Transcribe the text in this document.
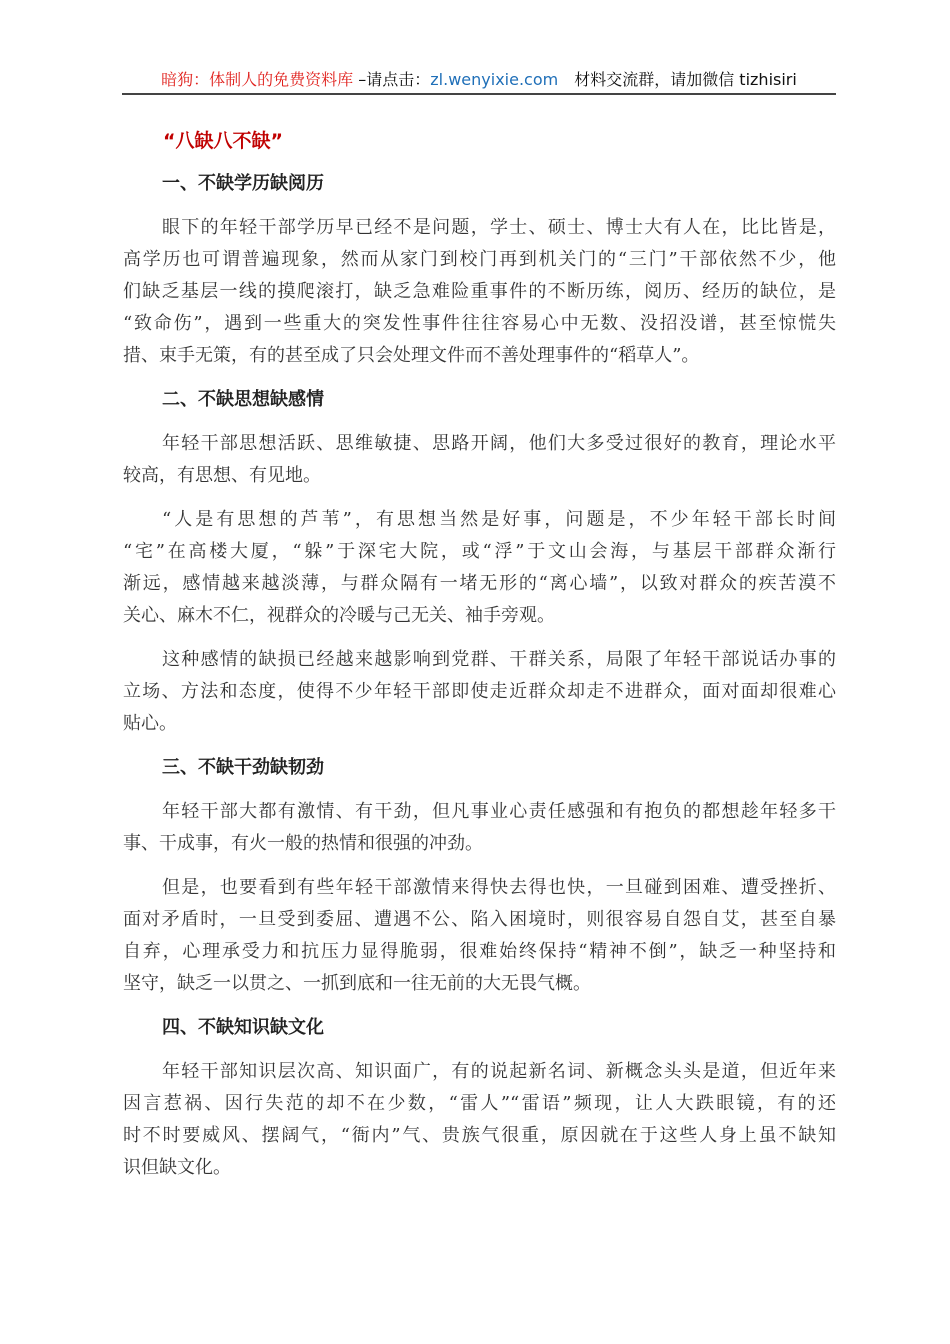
暗狗：体制人的免费资料库 –请点击：zl.wenyixie.com　材料交流群，请加微信 tizhisiri
“八缺八不缺”
一、不缺学历缺阅历
眼下的年轻干部学历早已经不是问题，学士、硕士、博士大有人在，比比皆是，
高学历也可谓普遍现象，然而从家门到校门再到机关门的“三门”干部依然不少，他
们缺乏基层一线的摸爬滚打，缺乏急难险重事件的不断历练，阅历、经历的缺位，是
“致命伤”，遇到一些重大的突发性事件往往容易心中无数、没招没谱，甚至惊慌失
措、束手无策，有的甚至成了只会处理文件而不善处理事件的“稻草人”。
二、不缺思想缺感情
年轻干部思想活跃、思维敏捷、思路开阔，他们大多受过很好的教育，理论水平
较高，有思想、有见地。
“人是有思想的芦苇”，有思想当然是好事，问题是，不少年轻干部长时间
“宅”在高楼大厦，“躲”于深宅大院，或“浮”于文山会海，与基层干部群众渐行
渐远，感情越来越淡薄，与群众隔有一堵无形的“离心墙”，以致对群众的疾苦漠不
关心、麻木不仁，视群众的冷暖与己无关、袖手旁观。
这种感情的缺损已经越来越影响到党群、干群关系，局限了年轻干部说话办事的
立场、方法和态度，使得不少年轻干部即使走近群众却走不进群众，面对面却很难心
贴心。
三、不缺干劲缺韧劲
年轻干部大都有激情、有干劲，但凡事业心责任感强和有抱负的都想趁年轻多干
事、干成事，有火一般的热情和很强的冲劲。
但是，也要看到有些年轻干部激情来得快去得也快，一旦碰到困难、遭受挫折、
面对矛盾时，一旦受到委屈、遭遇不公、陷入困境时，则很容易自怨自艾，甚至自暴
自弃，心理承受力和抗压力显得脆弱，很难始终保持“精神不倒”，缺乏一种坚持和
坚守，缺乏一以贯之、一抓到底和一往无前的大无畏气概。
四、不缺知识缺文化
年轻干部知识层次高、知识面广，有的说起新名词、新概念头头是道，但近年来
因言惹祸、因行失范的却不在少数，“雷人”“雷语”频现，让人大跌眼镜，有的还
时不时要威风、摆阔气，“衙内”气、贵族气很重，原因就在于这些人身上虽不缺知
识但缺文化。
